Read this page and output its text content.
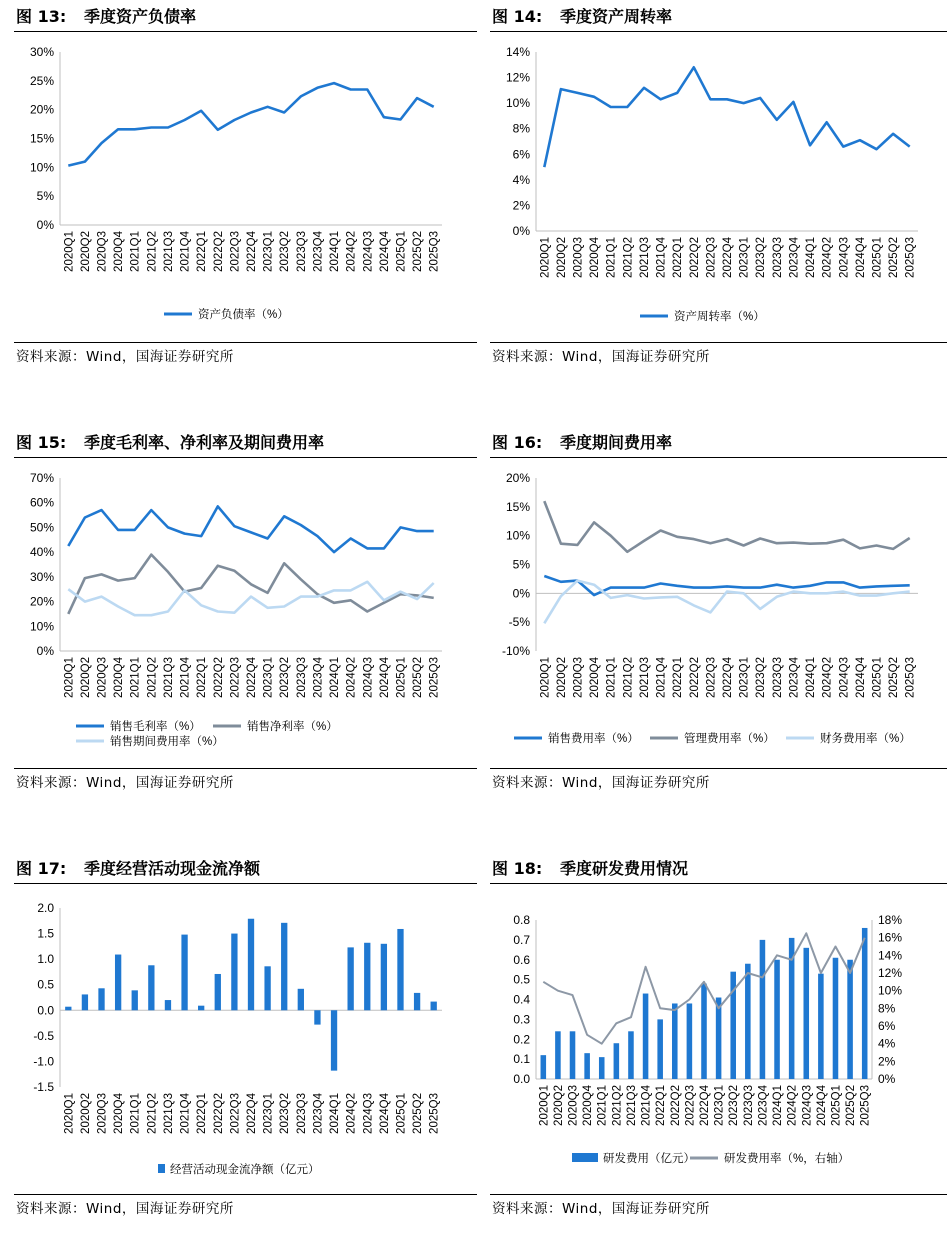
图 13: 季度资产负债率
0%
5%
10%
15%
20%
25%
30%
2020Q1 2020Q2 2020Q3 2020Q4 2021Q1 2021Q2 2021Q3 2021Q4 2022Q1 2022Q2 2022Q3 2022Q4 2023Q1 2023Q2 2023Q3 2023Q4 2024Q1 2024Q2 2024Q3 2024Q4 2025Q1 2025Q2 2025Q3
资产负债率（%）
资料来源：Wind，国海证券研究所
图 14: 季度资产周转率
0%
2%
4%
6%
8%
10%
12%
14%
2020Q1 2020Q2 2020Q3 2020Q4 2021Q1 2021Q2 2021Q3 2021Q4 2022Q1 2022Q2 2022Q3 2022Q4 2023Q1 2023Q2 2023Q3 2023Q4 2024Q1 2024Q2 2024Q3 2024Q4 2025Q1 2025Q2 2025Q3
资产周转率（%）
资料来源：Wind，国海证券研究所
图 15: 季度毛利率、净利率及期间费用率
0%
10%
20%
30%
40%
50%
60%
70%
2020Q1 2020Q2 2020Q3 2020Q4 2021Q1 2021Q2 2021Q3 2021Q4 2022Q1 2022Q2 2022Q3 2022Q4 2023Q1 2023Q2 2023Q3 2023Q4 2024Q1 2024Q2 2024Q3 2024Q4 2025Q1 2025Q2 2025Q3
销售毛利率（%）	销售净利率（%）
销售期间费用率（%）
资料来源：Wind，国海证券研究所
图 16: 季度期间费用率
-10%
-5%
0%
5%
10%
15%
20%
2020Q1 2020Q2 2020Q3 2020Q4 2021Q1 2021Q2 2021Q3 2021Q4 2022Q1 2022Q2 2022Q3 2022Q4 2023Q1 2023Q2 2023Q3 2023Q4 2024Q1 2024Q2 2024Q3 2024Q4 2025Q1 2025Q2 2025Q3
销售费用率（%）	管理费用率（%）	财务费用率（%）
资料来源：Wind，国海证券研究所
图 17: 季度经营活动现金流净额
-1.5
-1.0
-0.5
0.0
0.5
1.0
1.5
2.0
2020Q1 2020Q2 2020Q3 2020Q4 2021Q1 2021Q2 2021Q3 2021Q4 2022Q1 2022Q2 2022Q3 2022Q4 2023Q1 2023Q2 2023Q3 2023Q4 2024Q1 2024Q2 2024Q3 2024Q4 2025Q1 2025Q2 2025Q3
经营活动现金流净额（亿元）
资料来源：Wind，国海证券研究所
图 18: 季度研发费用情况
0.0
0.1
0.2
0.3
0.4
0.5
0.6
0.7
0.8
0%
2%
4%
6%
8%
10%
12%
14%
16%
18%
2020Q1 2020Q2 2020Q3 2020Q4 2021Q1 2021Q2 2021Q3 2021Q4 2022Q1 2022Q2 2022Q3 2022Q4 2023Q1 2023Q2 2023Q3 2023Q4 2024Q1 2024Q2 2024Q3 2024Q4 2025Q1 2025Q2 2025Q3
研发费用（亿元）	研发费用率（%，右轴）
资料来源：Wind，国海证券研究所
